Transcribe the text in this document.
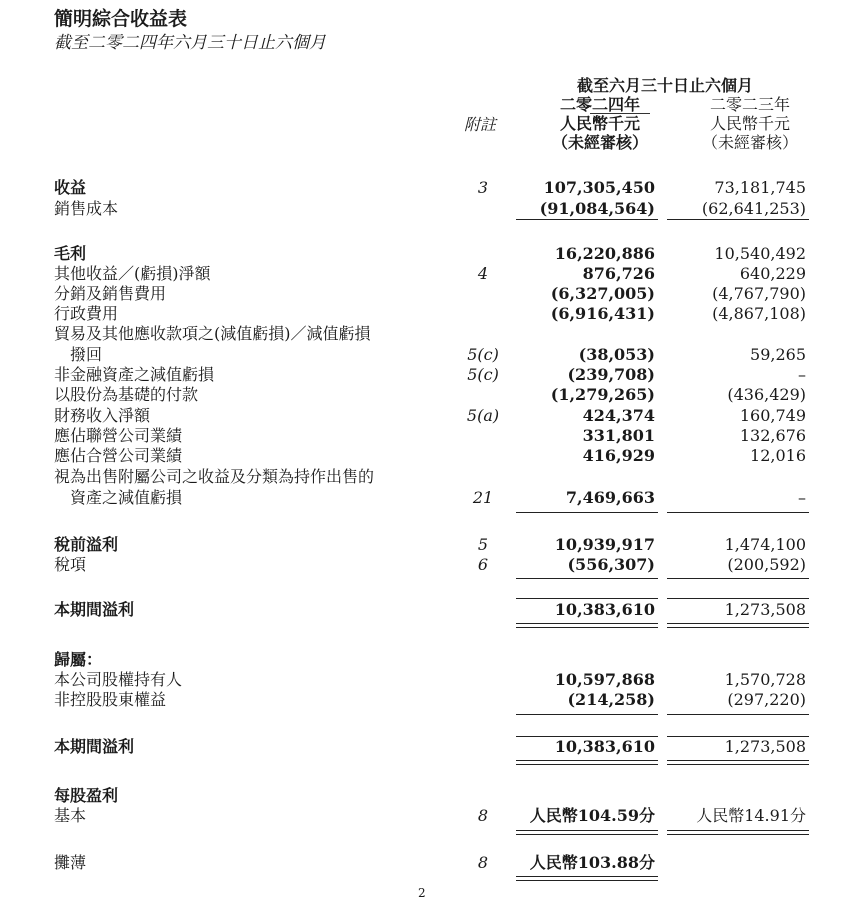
簡明綜合收益表
截至二零二四年六月三十日止六個月
截至六月三十日止六個月
二零二四年
人民幣千元
（未經審核）
二零二三年
人民幣千元
（未經審核）
附註
收益	3	107,305,450	73,181,745
銷售成本	(91,084,564)	(62,641,253)
毛利	16,220,886	10,540,492
其他收益／(虧損)淨額	4	876,726	640,229
分銷及銷售費用	(6,327,005)	(4,767,790)
行政費用	(6,916,431)	(4,867,108)
貿易及其他應收款項之(減值虧損)／減值虧損
撥回	5(c)	(38,053)	59,265
非金融資產之減值虧損	5(c)	(239,708)	–
以股份為基礎的付款	(1,279,265)	(436,429)
財務收入淨額	5(a)	424,374	160,749
應佔聯營公司業績	331,801	132,676
應佔合營公司業績	416,929	12,016
視為出售附屬公司之收益及分類為持作出售的
資產之減值虧損	21	7,469,663	–
稅前溢利	5	10,939,917	1,474,100
稅項	6	(556,307)	(200,592)
本期間溢利	10,383,610	1,273,508
歸屬：
本公司股權持有人	10,597,868	1,570,728
非控股股東權益	(214,258)	(297,220)
本期間溢利	10,383,610	1,273,508
每股盈利
基本	8	人民幣104.59分	人民幣14.91分
攤薄	8	人民幣103.88分
2
